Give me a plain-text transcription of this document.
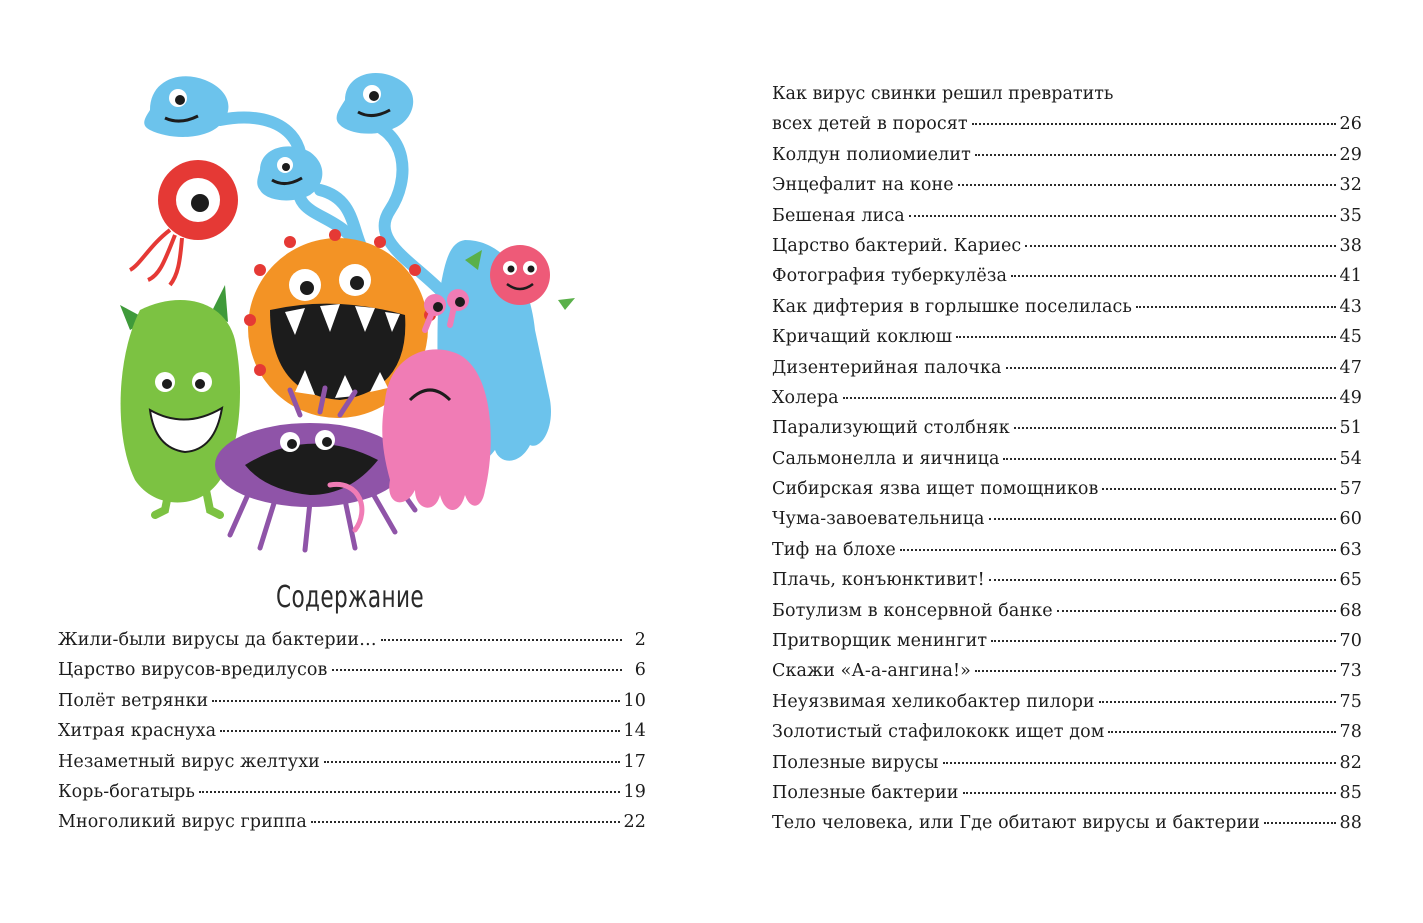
Содержание
Жили-были вирусы да бактерии…	2
Царство вирусов-вредилусов	6
Полёт ветрянки	10
Хитрая краснуха	14
Незаметный вирус желтухи	17
Корь-богатырь	19
Многоликий вирус гриппа	22
Как вирус свинки решил превратить
всех детей в поросят	26
Колдун полиомиелит	29
Энцефалит на коне	32
Бешеная лиса	35
Царство бактерий. Кариес	38
Фотография туберкулёза	41
Как дифтерия в горлышке поселилась	43
Кричащий коклюш	45
Дизентерийная палочка	47
Холера	49
Парализующий столбняк	51
Сальмонелла и яичница	54
Сибирская язва ищет помощников	57
Чума-завоевательница	60
Тиф на блохе	63
Плачь, конъюнктивит!	65
Ботулизм в консервной банке	68
Притворщик менингит	70
Скажи «А-а-ангина!»	73
Неуязвимая хеликобактер пилори	75
Золотистый стафилококк ищет дом	78
Полезные вирусы	82
Полезные бактерии	85
Тело человека, или Где обитают вирусы и бактерии	88
